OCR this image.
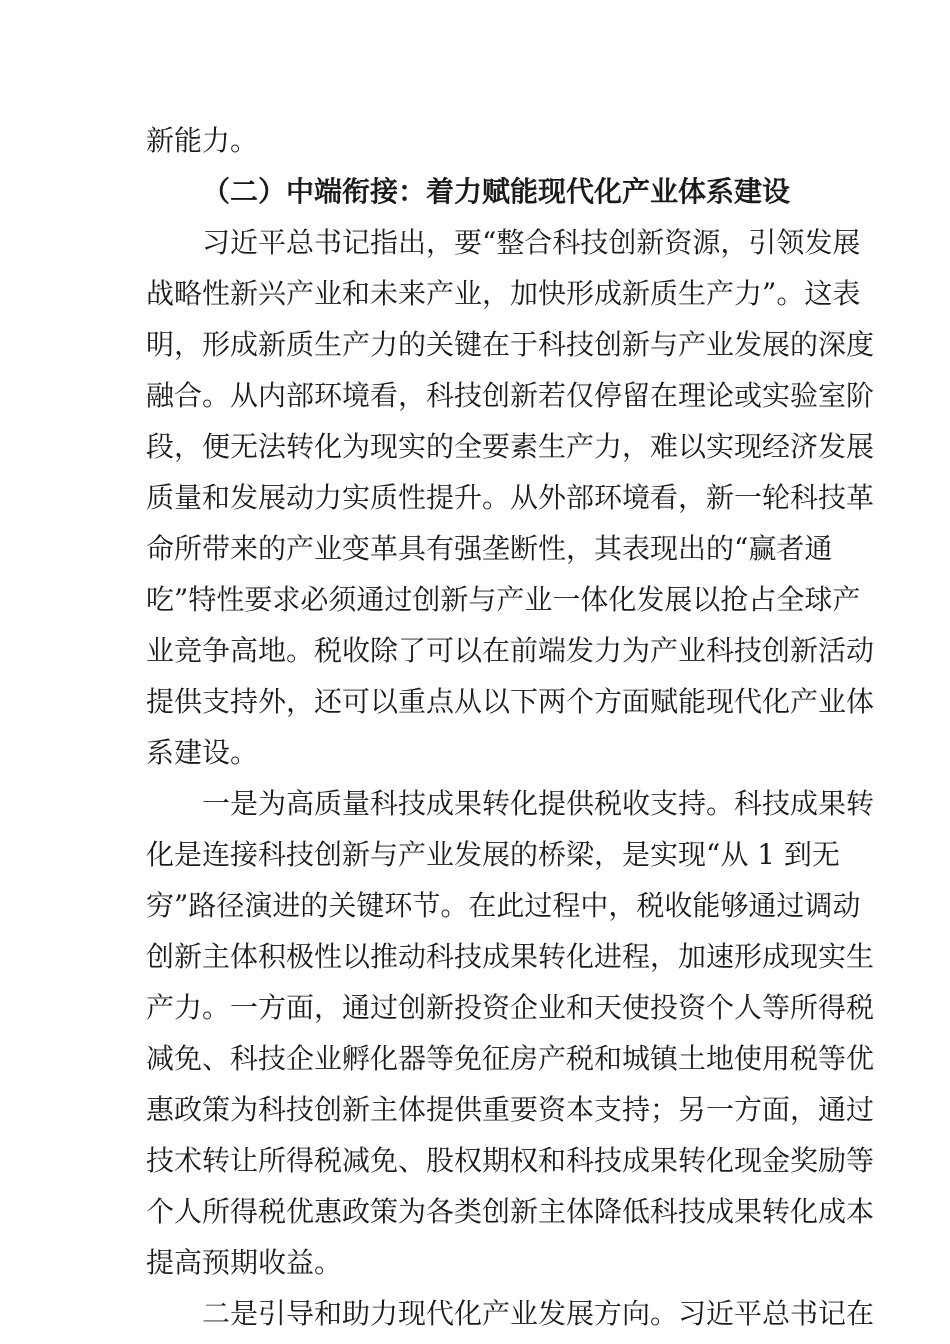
新能力。
（二）中端衔接：着力赋能现代化产业体系建设
习近平总书记指出，要“整合科技创新资源，引领发展
战略性新兴产业和未来产业，加快形成新质生产力”。这表
明，形成新质生产力的关键在于科技创新与产业发展的深度
融合。从内部环境看，科技创新若仅停留在理论或实验室阶
段，便无法转化为现实的全要素生产力，难以实现经济发展
质量和发展动力实质性提升。从外部环境看，新一轮科技革
命所带来的产业变革具有强垄断性，其表现出的“赢者通
吃”特性要求必须通过创新与产业一体化发展以抢占全球产
业竞争高地。税收除了可以在前端发力为产业科技创新活动
提供支持外，还可以重点从以下两个方面赋能现代化产业体
系建设。
一是为高质量科技成果转化提供税收支持。科技成果转
化是连接科技创新与产业发展的桥梁，是实现“从 1 到无
穷”路径演进的关键环节。在此过程中，税收能够通过调动
创新主体积极性以推动科技成果转化进程，加速形成现实生
产力。一方面，通过创新投资企业和天使投资个人等所得税
减免、科技企业孵化器等免征房产税和城镇土地使用税等优
惠政策为科技创新主体提供重要资本支持；另一方面，通过
技术转让所得税减免、股权期权和科技成果转化现金奖励等
个人所得税优惠政策为各类创新主体降低科技成果转化成本
提高预期收益。
二是引导和助力现代化产业发展方向。习近平总书记在
